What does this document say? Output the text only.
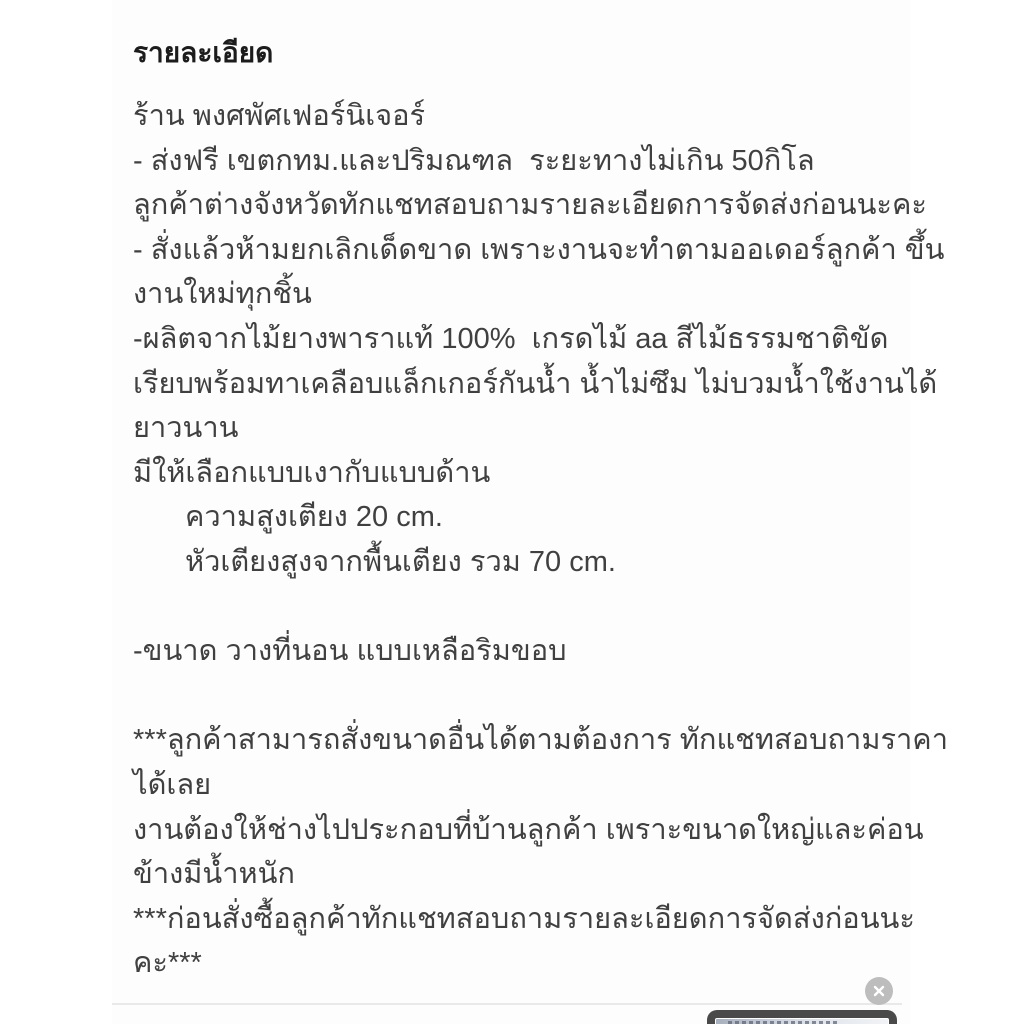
รายละเอียด
ร้าน พงศพัศเฟอร์นิเจอร์
- ส่งฟรี เขตกทม.และปริมณฑล  ระยะทางไม่เกิน 50กิโล
ลูกค้าต่างจังหวัดทักแชทสอบถามรายละเอียดการจัดส่งก่อนนะคะ
- สั่งแล้วห้ามยกเลิกเด็ดขาด เพราะงานจะทำตามออเดอร์ลูกค้า ขึ้น
งานใหม่ทุกชิ้น
-ผลิตจากไม้ยางพาราแท้ 100%  เกรดไม้ aa สีไม้ธรรมชาติขัด
เรียบพร้อมทาเคลือบแล็กเกอร์กันน้ำ น้ำไม่ซึม ไม่บวมน้ำใช้งานได้
ยาวนาน
มีให้เลือกแบบเงากับแบบด้าน
ความสูงเตียง 20 cm.
หัวเตียงสูงจากพื้นเตียง รวม 70 cm.
-ขนาด วางที่นอน แบบเหลือริมขอบ
***ลูกค้าสามารถสั่งขนาดอื่นได้ตามต้องการ ทักแชทสอบถามราคา
ได้เลย
งานต้องให้ช่างไปประกอบที่บ้านลูกค้า เพราะขนาดใหญ่และค่อน
ข้างมีน้ำหนัก
***ก่อนสั่งซื้อลูกค้าทักแชทสอบถามรายละเอียดการจัดส่งก่อนนะ
คะ***
